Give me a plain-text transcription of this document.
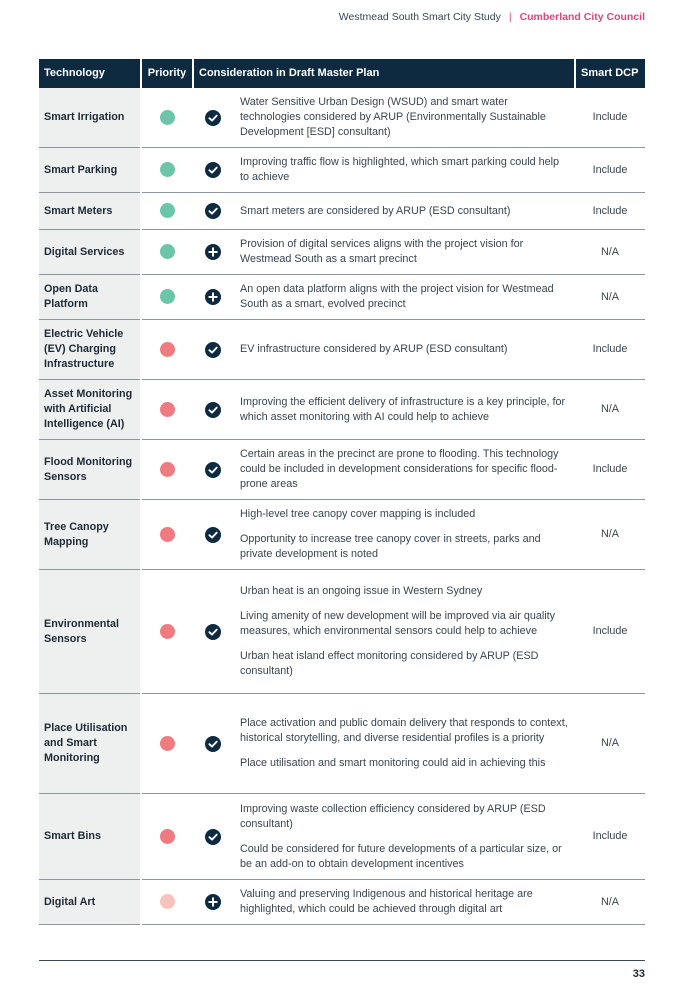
Westmead South Smart City Study | Cumberland City Council
Technology	Priority	Consideration in Draft Master Plan		Smart DCP
Smart Irrigation			Water Sensitive Urban Design (WSUD) and smart water technologies considered by ARUP (Environmentally Sustainable Development [ESD] consultant)	Include
Smart Parking			Improving traffic flow is highlighted, which smart parking could help to achieve	Include
Smart Meters			Smart meters are considered by ARUP (ESD consultant)	Include
Digital Services			Provision of digital services aligns with the project vision for Westmead South as a smart precinct	N/A
Open Data Platform			An open data platform aligns with the project vision for Westmead South as a smart, evolved precinct	N/A
Electric Vehicle (EV) Charging Infrastructure			EV infrastructure considered by ARUP (ESD consultant)	Include
Asset Monitoring with Artificial Intelligence (AI)			Improving the efficient delivery of infrastructure is a key principle, for which asset monitoring with AI could help to achieve	N/A
Flood Monitoring Sensors			Certain areas in the precinct are prone to flooding. This technology could be included in development considerations for specific flood-prone areas	Include
Tree Canopy Mapping			High-level tree canopy cover mapping is included

Opportunity to increase tree canopy cover in streets, parks and private development is noted	N/A
Environmental Sensors			Urban heat is an ongoing issue in Western Sydney

Living amenity of new development will be improved via air quality measures, which environmental sensors could help to achieve

Urban heat island effect monitoring considered by ARUP (ESD consultant)	Include
Place Utilisation and Smart Monitoring			Place activation and public domain delivery that responds to context, historical storytelling, and diverse residential profiles is a priority

Place utilisation and smart monitoring could aid in achieving this	N/A
Smart Bins			Improving waste collection efficiency considered by ARUP (ESD consultant)

Could be considered for future developments of a particular size, or be an add-on to obtain development incentives	Include
Digital Art			Valuing and preserving Indigenous and historical heritage are highlighted, which could be achieved through digital art	N/A
33
